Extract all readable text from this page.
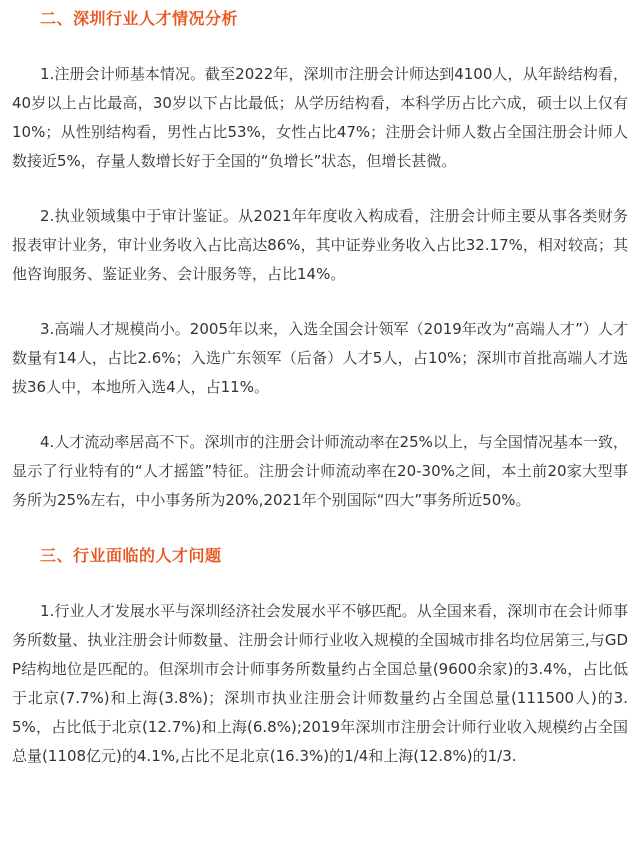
二、深圳行业人才情况分析

1.注册会计师基本情况。截至2022年，深圳市注册会计师达到4100人，从年龄结构看，40岁以上占比最高，30岁以下占比最低；从学历结构看，本科学历占比六成，硕士以上仅有10%；从性别结构看，男性占比53%，女性占比47%；注册会计师人数占全国注册会计师人数接近5%，存量人数增长好于全国的“负增长”状态，但增长甚微。

2.执业领域集中于审计鉴证。从2021年年度收入构成看，注册会计师主要从事各类财务报表审计业务，审计业务收入占比高达86%，其中证券业务收入占比32.17%，相对较高；其他咨询服务、鉴证业务、会计服务等，占比14%。

3.高端人才规模尚小。2005年以来，入选全国会计领军（2019年改为“高端人才”）人才数量有14人，占比2.6%；入选广东领军（后备）人才5人，占10%；深圳市首批高端人才选拔36人中，本地所入选4人，占11%。

4.人才流动率居高不下。深圳市的注册会计师流动率在25%以上，与全国情况基本一致，显示了行业特有的“人才摇篮”特征。注册会计师流动率在20-30%之间，本土前20家大型事务所为25%左右，中小事务所为20%,2021年个别国际“四大”事务所近50%。

三、行业面临的人才问题

1.行业人才发展水平与深圳经济社会发展水平不够匹配。从全国来看，深圳市在会计师事务所数量、执业注册会计师数量、注册会计师行业收入规模的全国城市排名均位居第三,与GDP结构地位是匹配的。但深圳市会计师事务所数量约占全国总量(9600余家)的3.4%，占比低于北京(7.7%)和上海(3.8%)；深圳市执业注册会计师数量约占全国总量(111500人)的3.5%，占比低于北京(12.7%)和上海(6.8%);2019年深圳市注册会计师行业收入规模约占全国总量(1108亿元)的4.1%,占比不足北京(16.3%)的1/4和上海(12.8%)的1/3.
